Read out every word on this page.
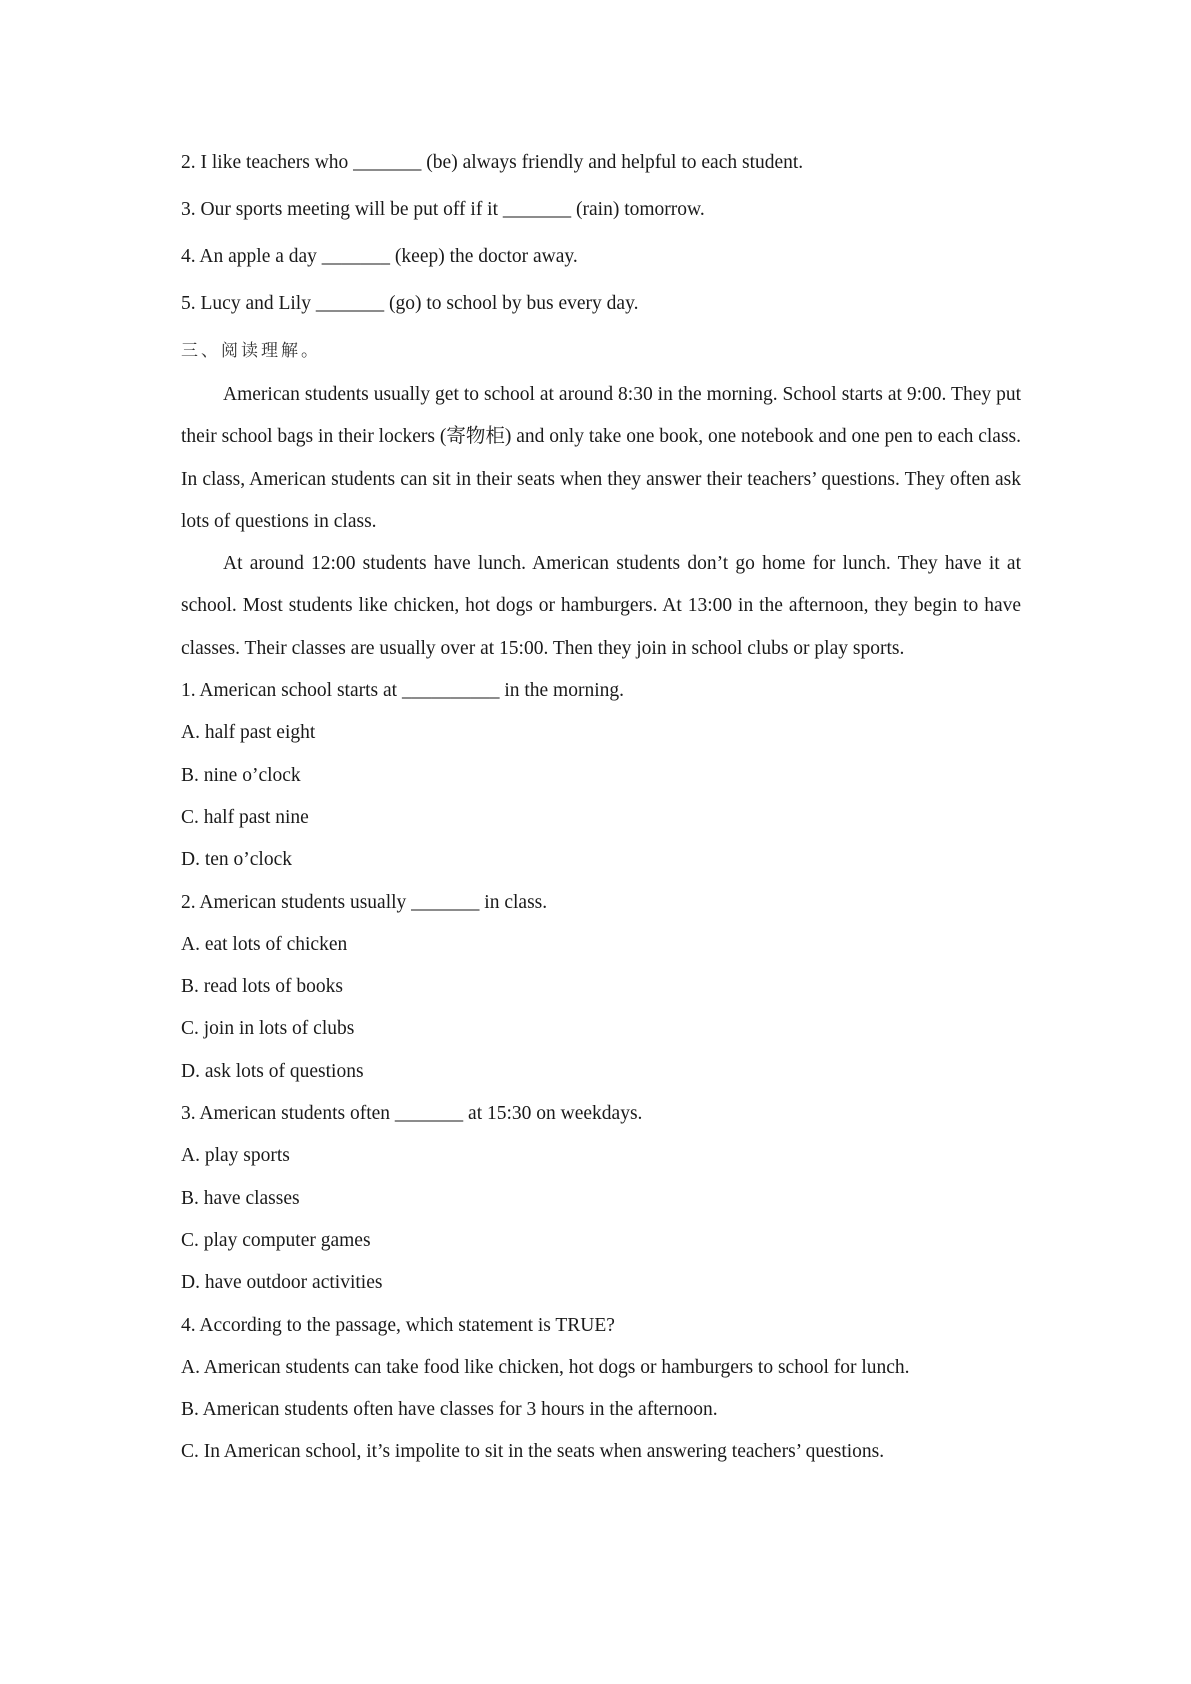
2. I like teachers who _______ (be) always friendly and helpful to each student.

3. Our sports meeting will be put off if it _______ (rain) tomorrow.

4. An apple a day _______ (keep) the doctor away.

5. Lucy and Lily _______ (go) to school by bus every day.

三、阅读理解。

American students usually get to school at around 8:30 in the morning. School starts at 9:00. They put their school bags in their lockers (寄物柜) and only take one book, one notebook and one pen to each class. In class, American students can sit in their seats when they answer their teachers’ questions. They often ask lots of questions in class.

At around 12:00 students have lunch. American students don’t go home for lunch. They have it at school. Most students like chicken, hot dogs or hamburgers. At 13:00 in the afternoon, they begin to have classes. Their classes are usually over at 15:00. Then they join in school clubs or play sports.

1. American school starts at __________ in the morning.

A. half past eight

B. nine o’clock

C. half past nine

D. ten o’clock

2. American students usually _______ in class.

A. eat lots of chicken

B. read lots of books

C. join in lots of clubs

D. ask lots of questions

3. American students often _______ at 15:30 on weekdays.

A. play sports

B. have classes

C. play computer games

D. have outdoor activities

4. According to the passage, which statement is TRUE?

A. American students can take food like chicken, hot dogs or hamburgers to school for lunch.

B. American students often have classes for 3 hours in the afternoon.

C. In American school, it’s impolite to sit in the seats when answering teachers’ questions.
